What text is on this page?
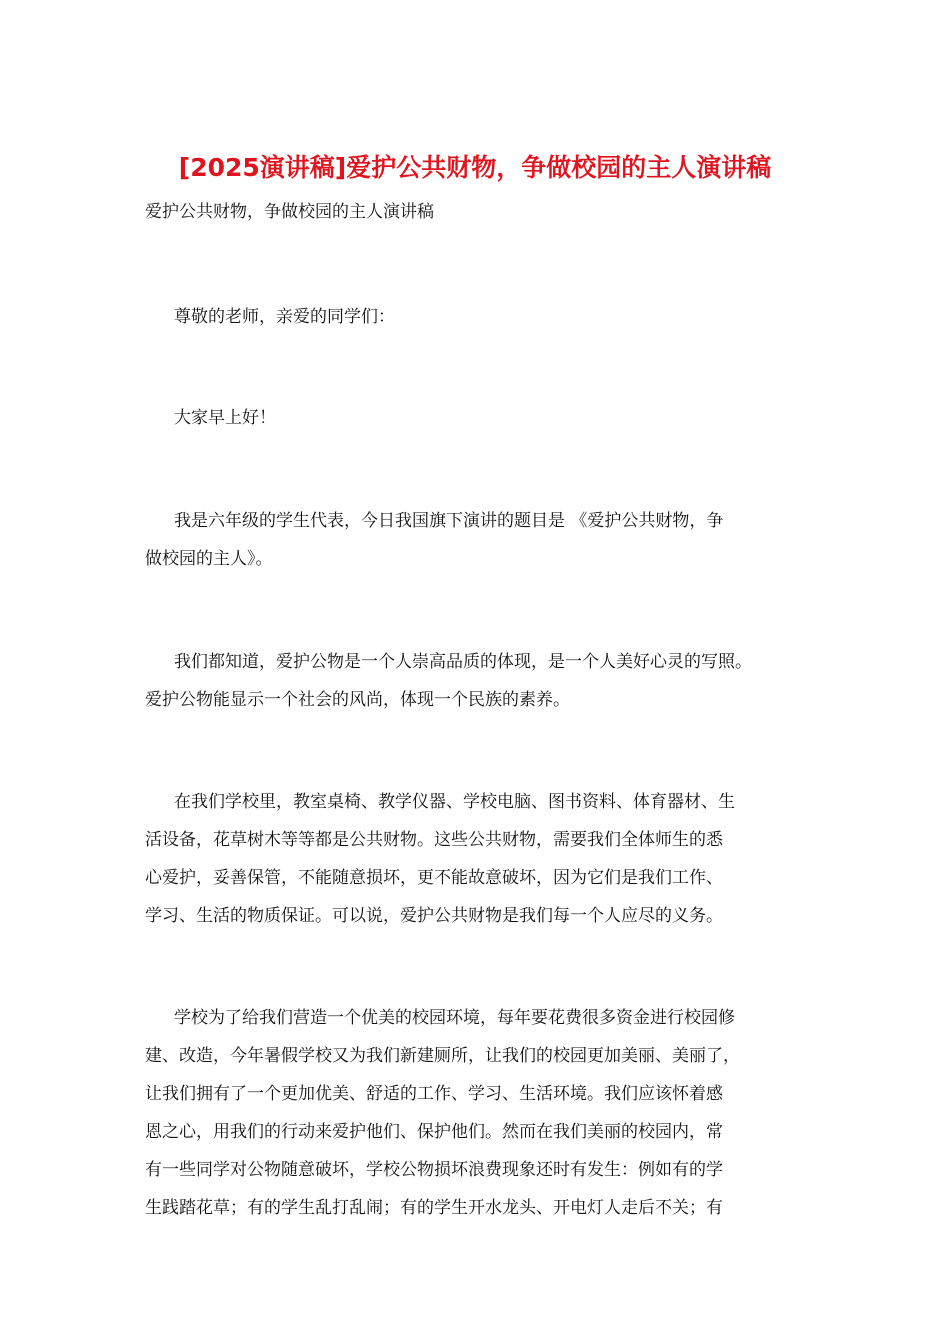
[2025演讲稿]爱护公共财物，争做校园的主人演讲稿
爱护公共财物，争做校园的主人演讲稿
尊敬的老师，亲爱的同学们：
大家早上好！
我是六年级的学生代表，今日我国旗下演讲的题目是 《爱护公共财物，争
做校园的主人》。
我们都知道，爱护公物是一个人崇高品质的体现，是一个人美好心灵的写照。
爱护公物能显示一个社会的风尚，体现一个民族的素养。
在我们学校里，教室桌椅、教学仪器、学校电脑、图书资料、体育器材、生
活设备，花草树木等等都是公共财物。这些公共财物，需要我们全体师生的悉
心爱护，妥善保管，不能随意损坏，更不能故意破坏，因为它们是我们工作、
学习、生活的物质保证。可以说，爱护公共财物是我们每一个人应尽的义务。
学校为了给我们营造一个优美的校园环境，每年要花费很多资金进行校园修
建、改造，今年暑假学校又为我们新建厕所，让我们的校园更加美丽、美丽了，
让我们拥有了一个更加优美、舒适的工作、学习、生活环境。我们应该怀着感
恩之心，用我们的行动来爱护他们、保护他们。然而在我们美丽的校园内，常
有一些同学对公物随意破坏，学校公物损坏浪费现象还时有发生：例如有的学
生践踏花草；有的学生乱打乱闹；有的学生开水龙头、开电灯人走后不关；有
